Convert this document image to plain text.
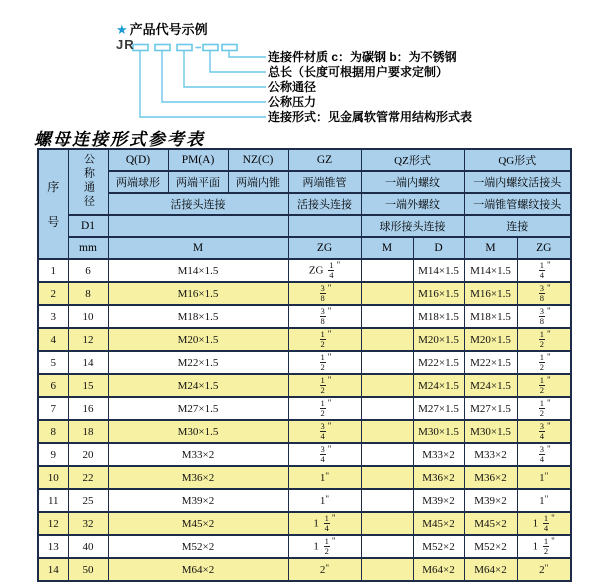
★ 产品代号示例
JR
连接件材质 c：为碳钢 b：为不锈钢
总长（长度可根据用户要求定制）
公称通径
公称压力
连接形式：见金属软管常用结构形式表
螺母连接形式参考表
序
号	公称通径	Q(D)	PM(A)	NZ(C)	GZ	QZ形式		QG形式	
		两端球形	两端平面	两端内锥	两端锥管	一端内螺纹		一端内螺纹活接头	
		活接头连接			活接头连接	一端外螺纹		一端锥管螺纹接头	
	D1					球形接头连接		连接	
	mm	M			ZG	M	D	M	ZG
1	6	M14×1.5			ZG $\frac{1}{4} ^"$		M14×1.5	M14×1.5	$\frac{1}{4} ^"$
2	8	M16×1.5			$\frac{3}{8} ^"$		M16×1.5	M16×1.5	$\frac{3}{8} ^"$
3	10	M18×1.5			$\frac{3}{8} ^"$		M18×1.5	M18×1.5	$\frac{3}{8} ^"$
4	12	M20×1.5			$\frac{1}{2} ^"$		M20×1.5	M20×1.5	$\frac{1}{2} ^"$
5	14	M22×1.5			$\frac{1}{2} ^"$		M22×1.5	M22×1.5	$\frac{1}{2} ^"$
6	15	M24×1.5			$\frac{1}{2} ^"$		M24×1.5	M24×1.5	$\frac{1}{2} ^"$
7	16	M27×1.5			$\frac{1}{2} ^"$		M27×1.5	M27×1.5	$\frac{1}{2} ^"$
8	18	M30×1.5			$\frac{3}{4} ^"$		M30×1.5	M30×1.5	$\frac{3}{4} ^"$
9	20	M33×2			$\frac{3}{4} ^"$		M33×2	M33×2	$\frac{3}{4} ^"$
10	22	M36×2			1"		M36×2	M36×2	1"
11	25	M39×2			1"		M39×2	M39×2	1"
12	32	M45×2			$1 \frac{1}{4} ^"$		M45×2	M45×2	$1 \frac{1}{4} ^"$
13	40	M52×2			$1 \frac{1}{2} ^"$		M52×2	M52×2	$1 \frac{1}{2} ^"$
14	50	M64×2			2"		M64×2	M64×2	2"
